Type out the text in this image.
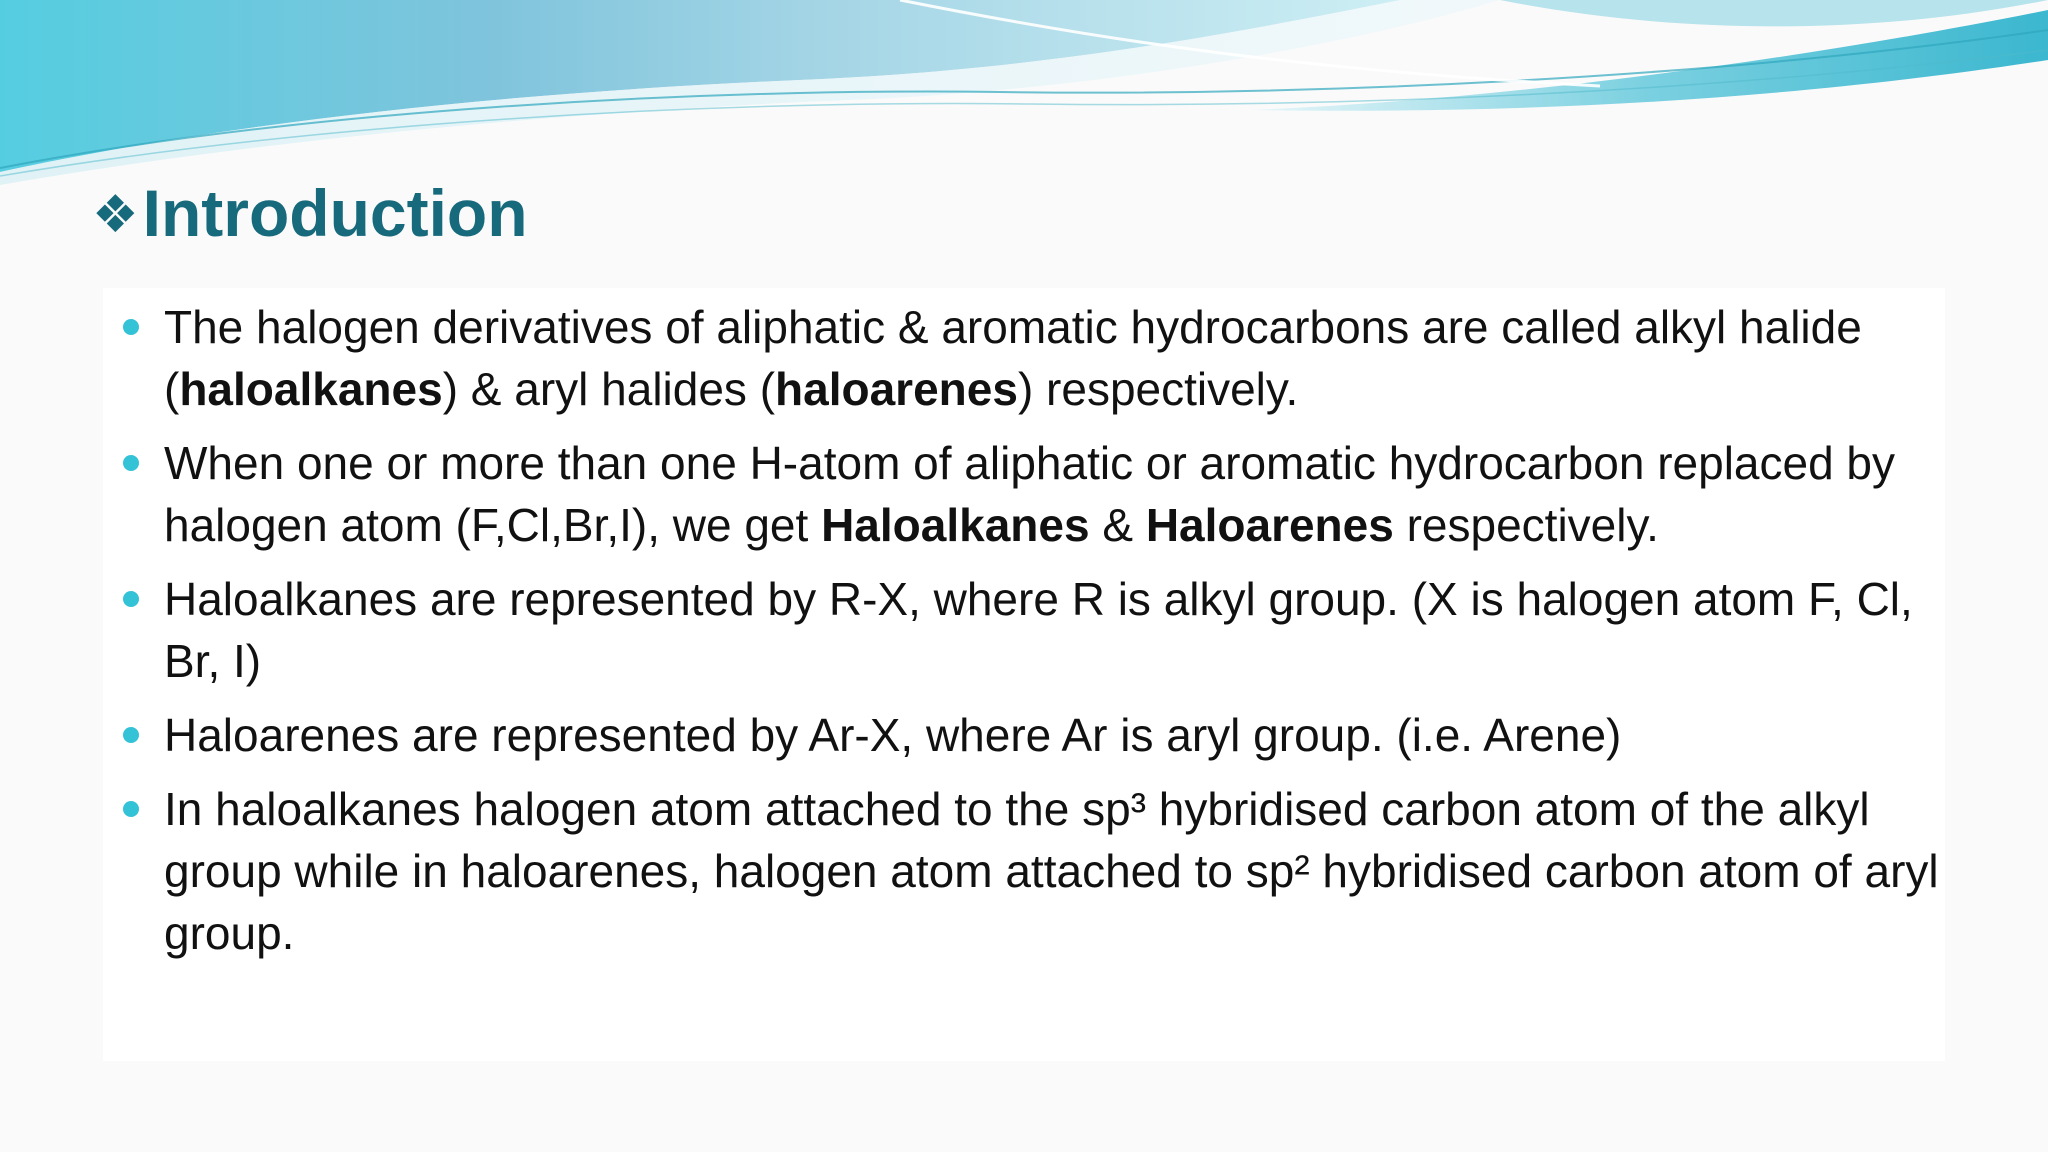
❖Introduction
The halogen derivatives of aliphatic & aromatic hydrocarbons are called alkyl halide (haloalkanes) & aryl halides (haloarenes) respectively.
When one or more than one H-atom of aliphatic or aromatic hydrocarbon replaced by halogen atom (F,Cl,Br,I), we get Haloalkanes & Haloarenes respectively.
Haloalkanes are represented by R-X, where R is alkyl group. (X is halogen atom F, Cl, Br, I)
Haloarenes are represented by Ar-X, where Ar is aryl group. (i.e. Arene)
In haloalkanes halogen atom attached to the sp³ hybridised carbon atom of the alkyl group while in haloarenes, halogen atom attached to sp² hybridised carbon atom of aryl group.
